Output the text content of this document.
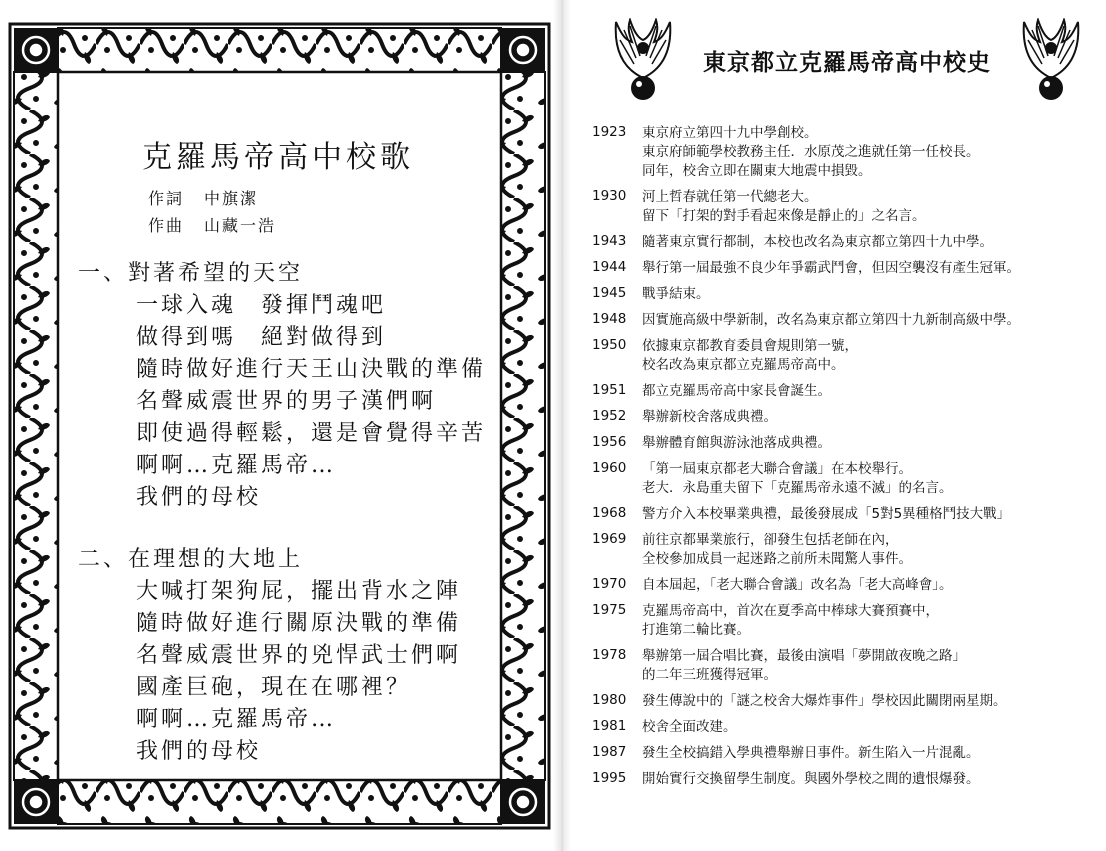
克羅馬帝高中校歌
作詞 中旗潔
作曲 山藏一浩
一、對著希望的天空
一球入魂　發揮鬥魂吧
做得到嗎　絕對做得到
隨時做好進行天王山決戰的準備
名聲威震世界的男子漢們啊
即使過得輕鬆，還是會覺得辛苦
啊啊…克羅馬帝…
我們的母校
二、在理想的大地上
大喊打架狗屁，擺出背水之陣
隨時做好進行關原決戰的準備
名聲威震世界的兇悍武士們啊
國產巨砲，現在在哪裡？
啊啊…克羅馬帝…
我們的母校
東京都立克羅馬帝高中校史
1923	東京府立第四十九中學創校。
東京府師範學校教務主任．水原茂之進就任第一任校長。
同年，校舍立即在關東大地震中損毀。
1930	河上哲春就任第一代總老大。
留下「打架的對手看起來像是靜止的」之名言。
1943	隨著東京實行都制，本校也改名為東京都立第四十九中學。
1944	舉行第一屆最強不良少年爭霸武鬥會，但因空襲沒有產生冠軍。
1945	戰爭結束。
1948	因實施高級中學新制，改名為東京都立第四十九新制高級中學。
1950	依據東京都教育委員會規則第一號，
校名改為東京都立克羅馬帝高中。
1951	都立克羅馬帝高中家長會誕生。
1952	舉辦新校舍落成典禮。
1956	舉辦體育館與游泳池落成典禮。
1960	「第一屆東京都老大聯合會議」在本校舉行。
老大．永島重夫留下「克羅馬帝永遠不滅」的名言。
1968	警方介入本校畢業典禮，最後發展成「5對5異種格鬥技大戰」
1969	前往京都畢業旅行，卻發生包括老師在內，
全校參加成員一起迷路之前所未聞驚人事件。
1970	自本屆起，「老大聯合會議」改名為「老大高峰會」。
1975	克羅馬帝高中，首次在夏季高中棒球大賽預賽中，
打進第二輪比賽。
1978	舉辦第一屆合唱比賽，最後由演唱「夢開啟夜晚之路」
的二年三班獲得冠軍。
1980	發生傳說中的「謎之校舍大爆炸事件」學校因此關閉兩星期。
1981	校舍全面改建。
1987	發生全校搞錯入學典禮舉辦日事件。新生陷入一片混亂。
1995	開始實行交換留學生制度。與國外學校之間的遺恨爆發。
